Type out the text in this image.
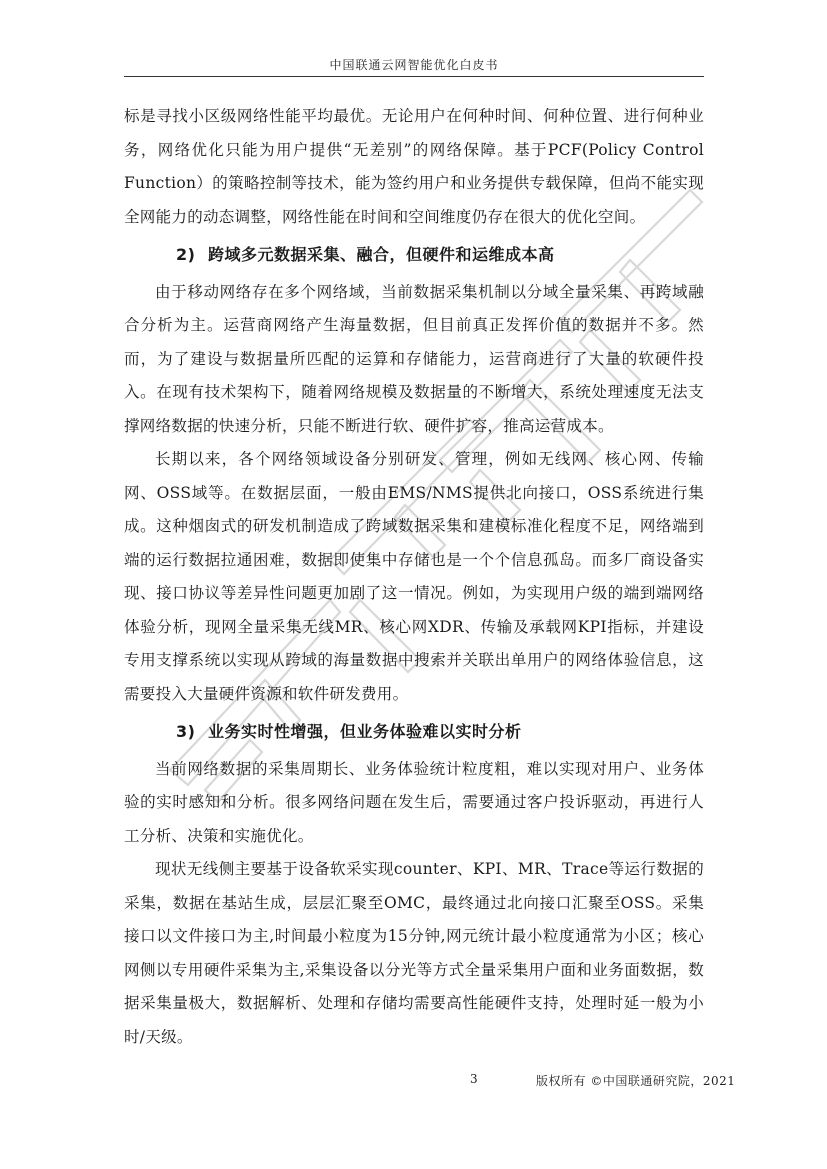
中国联通云网智能优化白皮书

标是寻找小区级网络性能平均最优。无论用户在何种时间、何种位置、进行何种业务，网络优化只能为用户提供“无差别”的网络保障。基于PCF(Policy Control Function）的策略控制等技术，能为签约用户和业务提供专载保障，但尚不能实现全网能力的动态调整，网络性能在时间和空间维度仍存在很大的优化空间。

2) 跨域多元数据采集、融合，但硬件和运维成本高

由于移动网络存在多个网络域，当前数据采集机制以分域全量采集、再跨域融合分析为主。运营商网络产生海量数据，但目前真正发挥价值的数据并不多。然而，为了建设与数据量所匹配的运算和存储能力，运营商进行了大量的软硬件投入。在现有技术架构下，随着网络规模及数据量的不断增大，系统处理速度无法支撑网络数据的快速分析，只能不断进行软、硬件扩容，推高运营成本。

长期以来，各个网络领域设备分别研发、管理，例如无线网、核心网、传输网、OSS域等。在数据层面，一般由EMS/NMS提供北向接口，OSS系统进行集成。这种烟囱式的研发机制造成了跨域数据采集和建模标准化程度不足，网络端到端的运行数据拉通困难，数据即使集中存储也是一个个信息孤岛。而多厂商设备实现、接口协议等差异性问题更加剧了这一情况。例如，为实现用户级的端到端网络体验分析，现网全量采集无线MR、核心网XDR、传输及承载网KPI指标，并建设专用支撑系统以实现从跨域的海量数据中搜索并关联出单用户的网络体验信息，这需要投入大量硬件资源和软件研发费用。

3) 业务实时性增强，但业务体验难以实时分析

当前网络数据的采集周期长、业务体验统计粒度粗，难以实现对用户、业务体验的实时感知和分析。很多网络问题在发生后，需要通过客户投诉驱动，再进行人工分析、决策和实施优化。

现状无线侧主要基于设备软采实现counter、KPI、MR、Trace等运行数据的采集，数据在基站生成，层层汇聚至OMC，最终通过北向接口汇聚至OSS。采集接口以文件接口为主,时间最小粒度为15分钟,网元统计最小粒度通常为小区；核心网侧以专用硬件采集为主,采集设备以分光等方式全量采集用户面和业务面数据，数据采集量极大，数据解析、处理和存储均需要高性能硬件支持，处理时延一般为小时/天级。

3	版权所有 ©中国联通研究院，2021
